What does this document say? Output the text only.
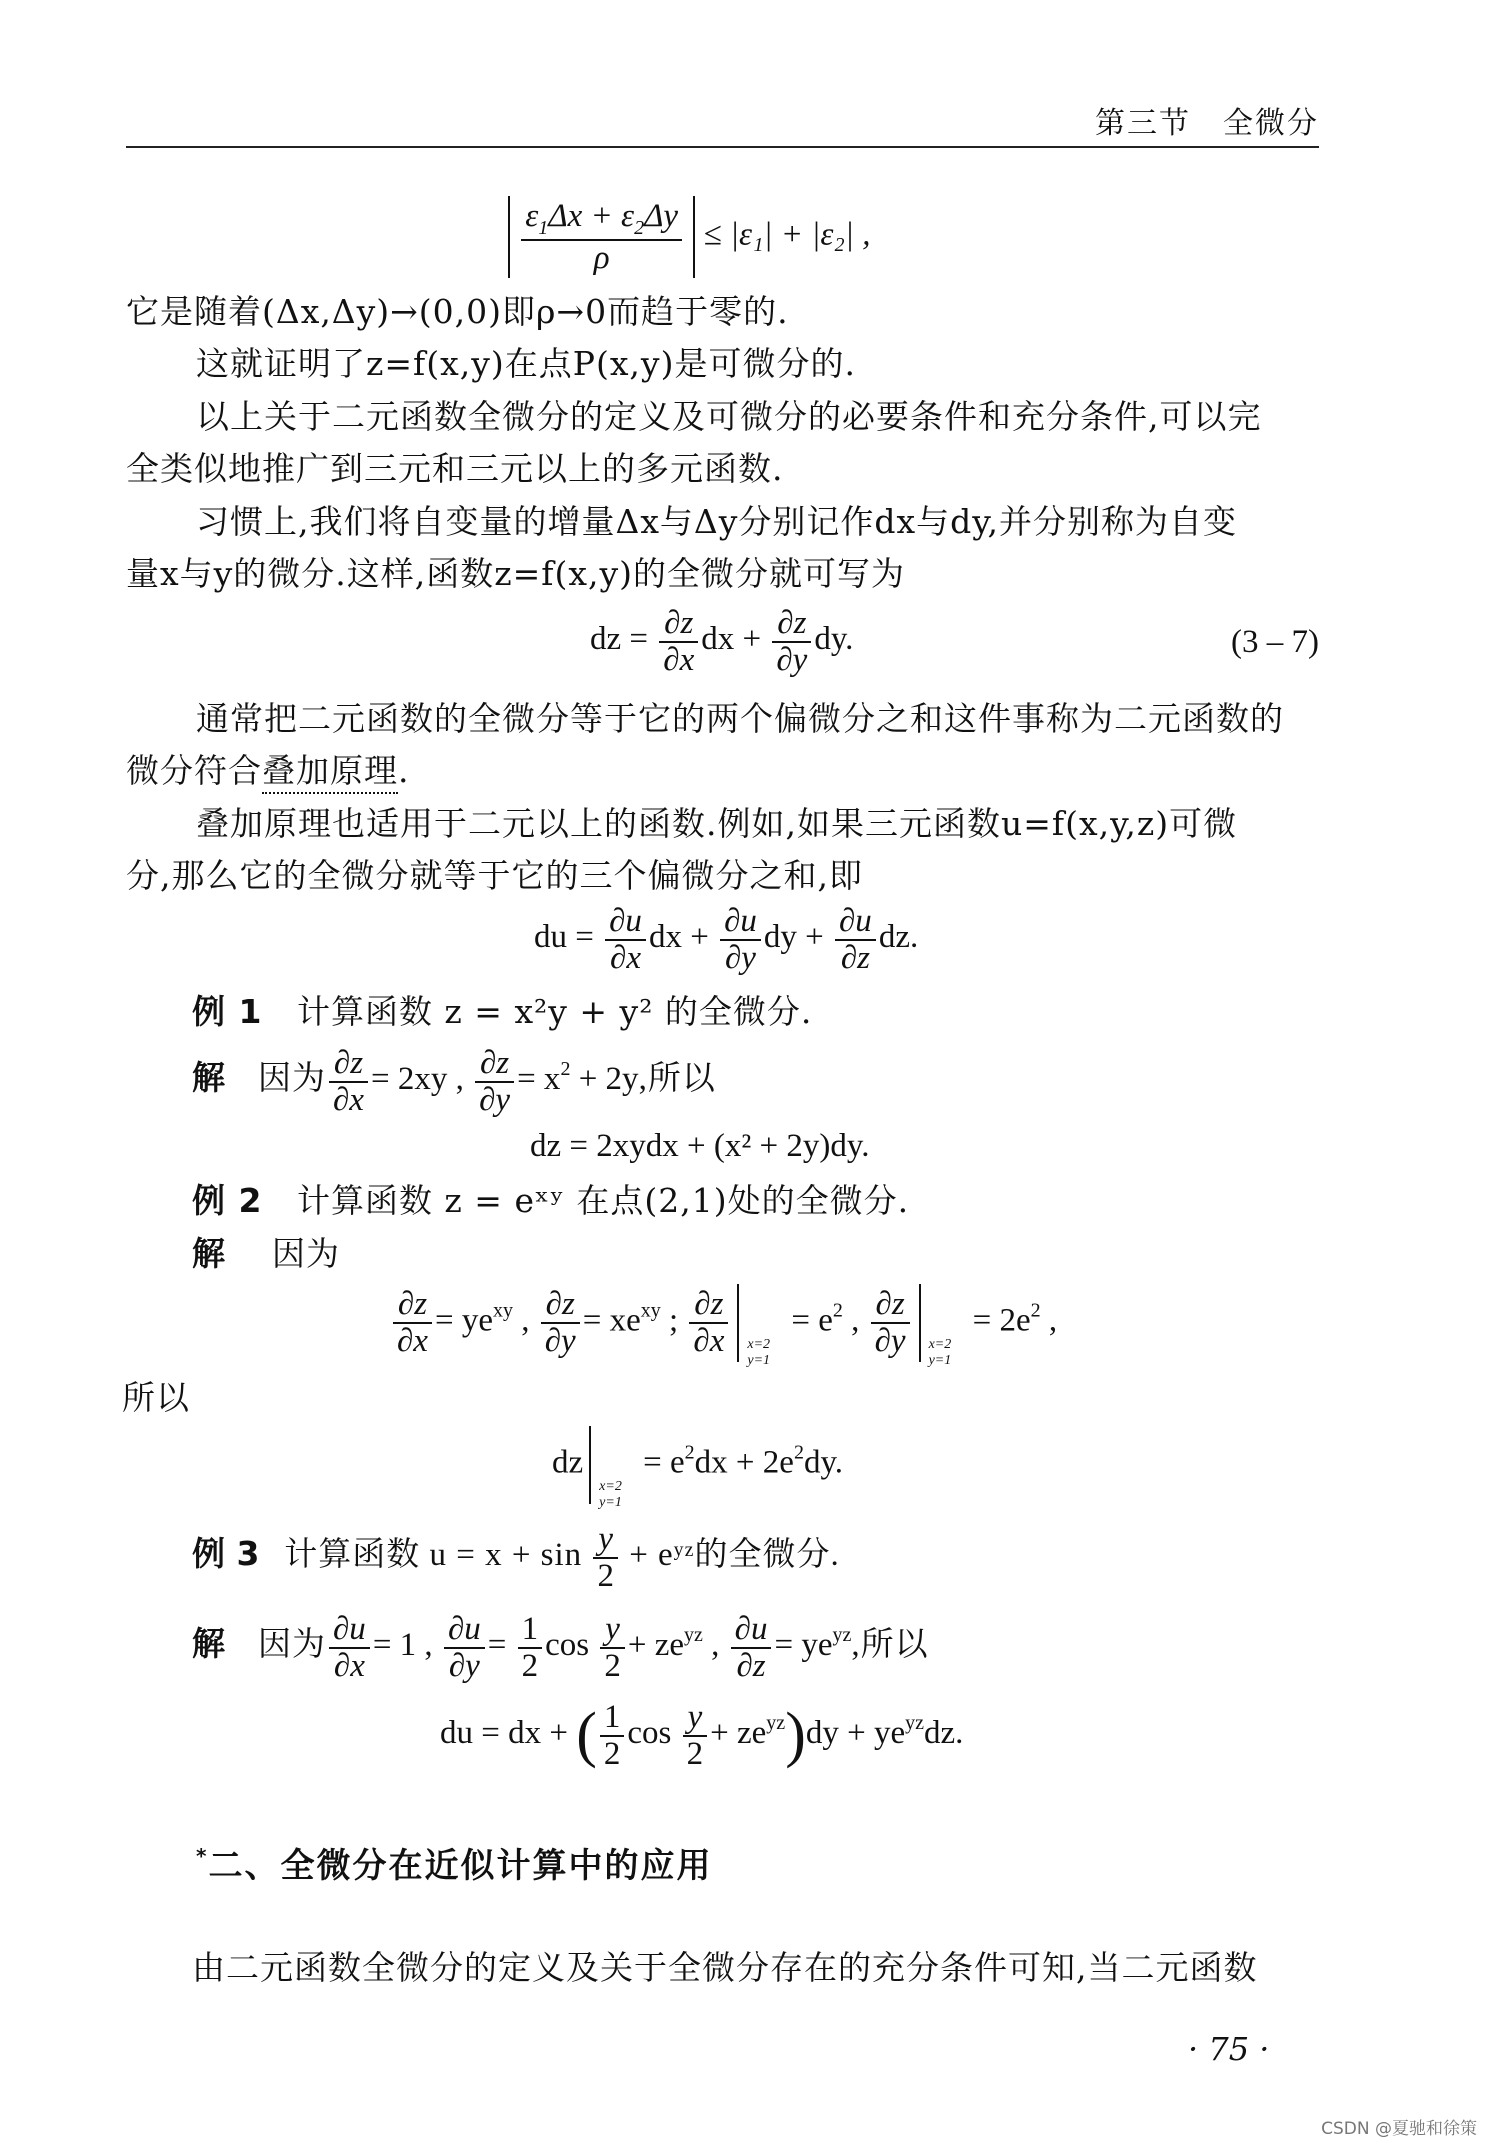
第三节　全微分

$\frac{\varepsilon_1\Delta x + \varepsilon_2\Delta y}{\rho} \le |\varepsilon_1| + |\varepsilon_2|$ ,
它是随着(Δx,Δy)→(0,0)即ρ→0而趋于零的.
这就证明了z=f(x,y)在点P(x,y)是可微分的.
以上关于二元函数全微分的定义及可微分的必要条件和充分条件,可以完
全类似地推广到三元和三元以上的多元函数.
习惯上,我们将自变量的增量Δx与Δy分别记作dx与dy,并分别称为自变
量x与y的微分.这样,函数z=f(x,y)的全微分就可写为
dz = $\frac{\partial z}{\partial x}$ dx + $\frac{\partial z}{\partial y}$ dy.	(3 – 7)
通常把二元函数的全微分等于它的两个偏微分之和这件事称为二元函数的
微分符合叠加原理.
叠加原理也适用于二元以上的函数.例如,如果三元函数u=f(x,y,z)可微
分,那么它的全微分就等于它的三个偏微分之和,即
du = $\frac{\partial u}{\partial x}$ dx + $\frac{\partial u}{\partial y}$ dy + $\frac{\partial u}{\partial z}$ dz.
例 1 计算函数 z = x²y + y² 的全微分.
解 因为 $\frac{\partial z}{\partial x} = 2xy$ , $\frac{\partial z}{\partial y} = x^2 + 2y$,所以
dz = 2xydx + (x² + 2y)dy.
例 2 计算函数 z = eˣʸ 在点(2,1)处的全微分.
解 因为
$\frac{\partial z}{\partial x} = ye^{xy}$ , $\frac{\partial z}{\partial y} = xe^{xy}$ ; $\frac{\partial z}{\partial x} x=2$
y=1
= $e^2$ , $\frac{\partial z}{\partial y} x=2$
y=1
= $2e^2$ ,
所以
dz
x=2
y=1
= $e^2dx + 2e^2dy$.
例 3 计算函数 $u = x + \sin \frac{y}{2}$ + eʸᶻ的全微分.
解 因为 $\frac{\partial u}{\partial x} = 1$ , $\frac{\partial u}{\partial y} = \frac{1}{2}$ $\cos \frac{y}{2} + ze^{yz}$ , $\frac{\partial u}{\partial z} = ye^{yz}$,所以
du = dx + ( $\frac{1}{2}$ $\cos \frac{y}{2} + ze^{yz})dy + ye^{yz}dz$.
*二、全微分在近似计算中的应用
由二元函数全微分的定义及关于全微分存在的充分条件可知,当二元函数
· 75 ·
CSDN @夏驰和徐策
